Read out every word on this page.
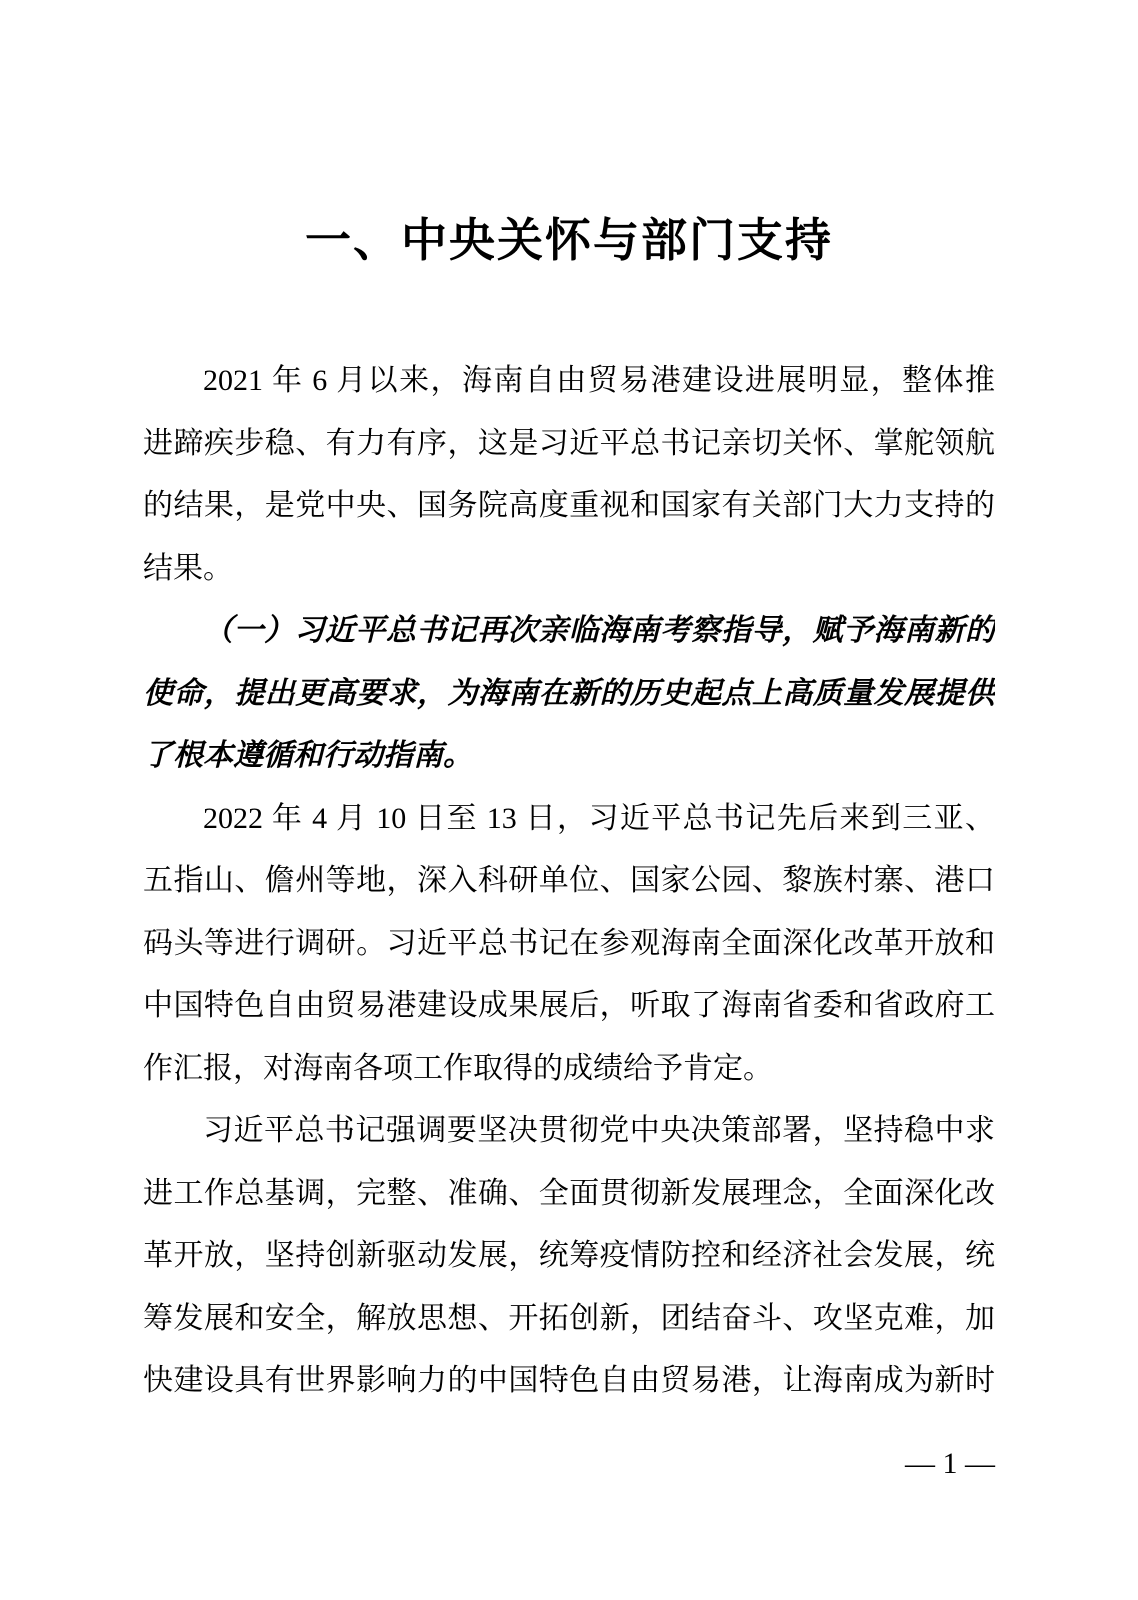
一、中央关怀与部门支持
2021 年 6 月以来，海南自由贸易港建设进展明显，整体推
进蹄疾步稳、有力有序，这是习近平总书记亲切关怀、掌舵领航
的结果，是党中央、国务院高度重视和国家有关部门大力支持的
结果。
（一）习近平总书记再次亲临海南考察指导，赋予海南新的
使命，提出更高要求，为海南在新的历史起点上高质量发展提供
了根本遵循和行动指南。
2022 年 4 月 10 日至 13 日，习近平总书记先后来到三亚、
五指山、儋州等地，深入科研单位、国家公园、黎族村寨、港口
码头等进行调研。习近平总书记在参观海南全面深化改革开放和
中国特色自由贸易港建设成果展后，听取了海南省委和省政府工
作汇报，对海南各项工作取得的成绩给予肯定。
习近平总书记强调要坚决贯彻党中央决策部署，坚持稳中求
进工作总基调，完整、准确、全面贯彻新发展理念，全面深化改
革开放，坚持创新驱动发展，统筹疫情防控和经济社会发展，统
筹发展和安全，解放思想、开拓创新，团结奋斗、攻坚克难，加
快建设具有世界影响力的中国特色自由贸易港，让海南成为新时
— 1 —
